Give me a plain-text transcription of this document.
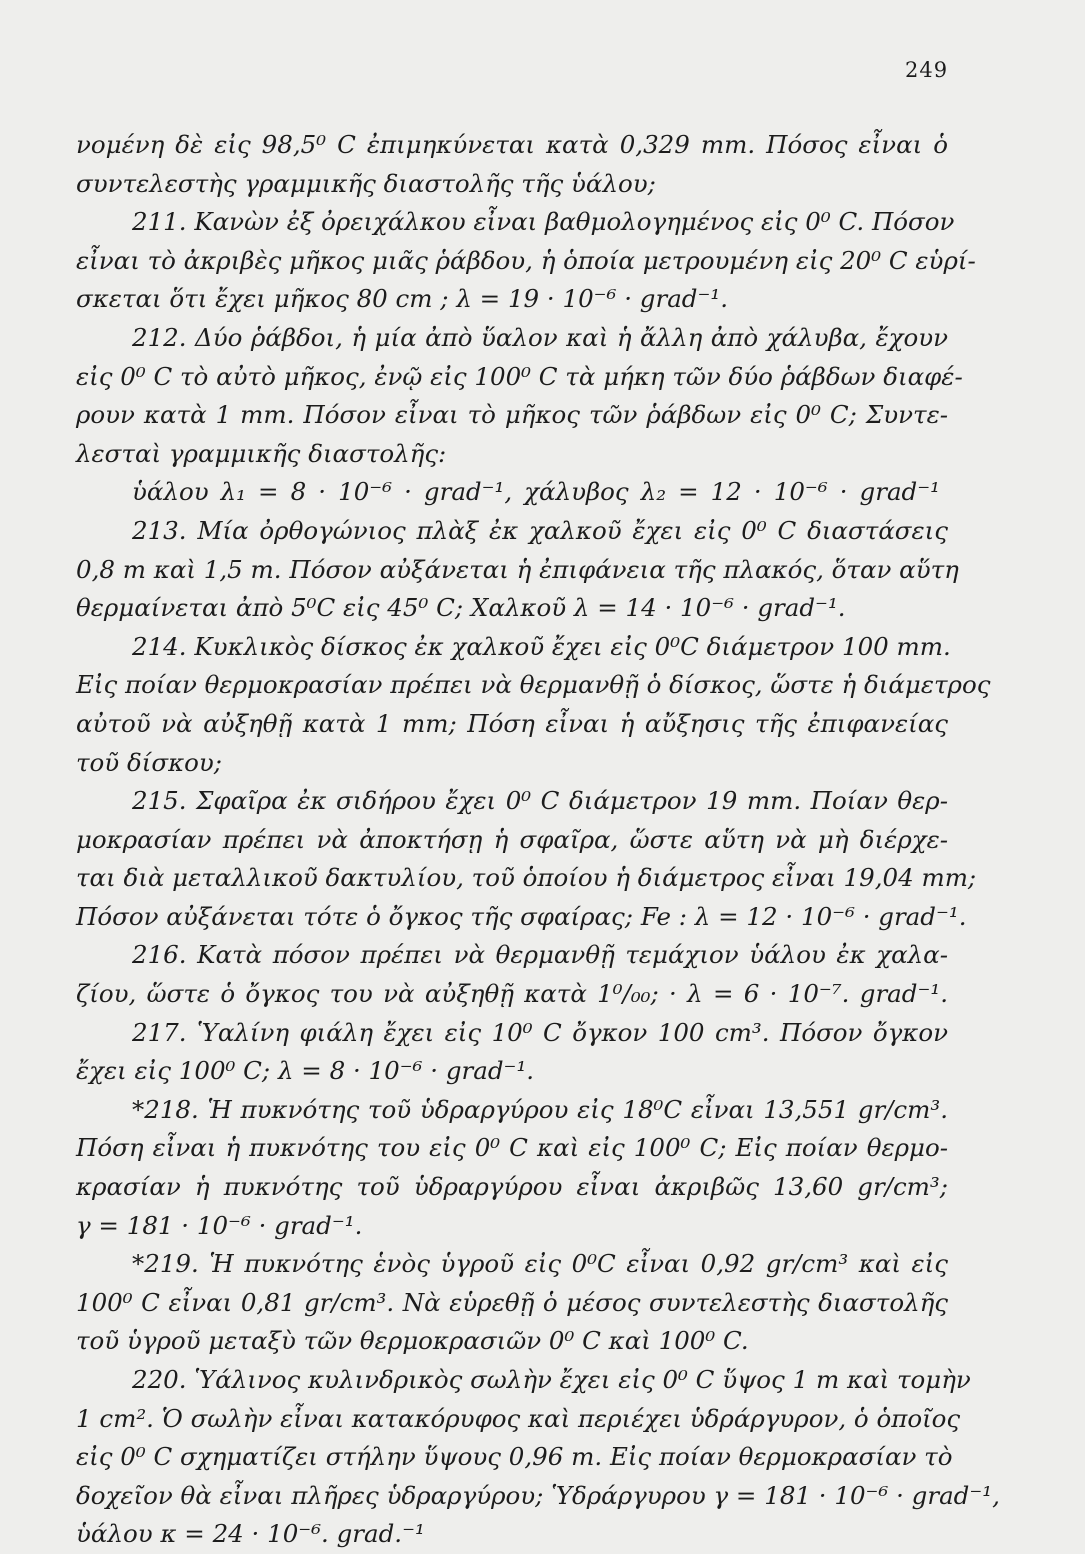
249
νομένη δὲ εἰς 98,5⁰ C ἐπιμηκύνεται κατὰ 0,329 mm. Πόσος εἶναι ὁ
συντελεστὴς γραμμικῆς διαστολῆς τῆς ὑάλου;
211. Κανὼν ἐξ ὀρειχάλκου εἶναι βαθμολογημένος εἰς 0⁰ C. Πόσον
εἶναι τὸ ἀκριβὲς μῆκος μιᾶς ῥάβδου, ἡ ὁποία μετρουμένη εἰς 20⁰ C εὑρί-
σκεται ὅτι ἔχει μῆκος 80 cm ; λ = 19 · 10⁻⁶ · grad⁻¹.
212. Δύο ῥάβδοι, ἡ μία ἀπὸ ὕαλον καὶ ἡ ἄλλη ἀπὸ χάλυβα, ἔχουν
εἰς 0⁰ C τὸ αὐτὸ μῆκος, ἐνῷ εἰς 100⁰ C τὰ μήκη τῶν δύο ῥάβδων διαφέ-
ρουν κατὰ 1 mm. Πόσον εἶναι τὸ μῆκος τῶν ῥάβδων εἰς 0⁰ C; Συντε-
λεσταὶ γραμμικῆς διαστολῆς:
ὑάλου λ₁ = 8 · 10⁻⁶ · grad⁻¹, χάλυβος λ₂ = 12 · 10⁻⁶ · grad⁻¹
213. Μία ὀρθογώνιος πλὰξ ἐκ χαλκοῦ ἔχει εἰς 0⁰ C διαστάσεις
0,8 m καὶ 1,5 m. Πόσον αὐξάνεται ἡ ἐπιφάνεια τῆς πλακός, ὅταν αὕτη
θερμαίνεται ἀπὸ 5⁰C εἰς 45⁰ C; Χαλκοῦ λ = 14 · 10⁻⁶ · grad⁻¹.
214. Κυκλικὸς δίσκος ἐκ χαλκοῦ ἔχει εἰς 0⁰C διάμετρον 100 mm.
Εἰς ποίαν θερμοκρασίαν πρέπει νὰ θερμανθῇ ὁ δίσκος, ὥστε ἡ διάμετρος
αὐτοῦ νὰ αὐξηθῇ κατὰ 1 mm; Πόση εἶναι ἡ αὔξησις τῆς ἐπιφανείας
τοῦ δίσκου;
215. Σφαῖρα ἐκ σιδήρου ἔχει 0⁰ C διάμετρον 19 mm. Ποίαν θερ-
μοκρασίαν πρέπει νὰ ἀποκτήσῃ ἡ σφαῖρα, ὥστε αὕτη νὰ μὴ διέρχε-
ται διὰ μεταλλικοῦ δακτυλίου, τοῦ ὁποίου ἡ διάμετρος εἶναι 19,04 mm;
Πόσον αὐξάνεται τότε ὁ ὄγκος τῆς σφαίρας; Fe : λ = 12 · 10⁻⁶ · grad⁻¹.
216. Κατὰ πόσον πρέπει νὰ θερμανθῇ τεμάχιον ὑάλου ἐκ χαλα-
ζίου, ὥστε ὁ ὄγκος του νὰ αὐξηθῇ κατὰ 1⁰/₀₀; · λ = 6 · 10⁻⁷. grad⁻¹.
217. Ὑαλίνη φιάλη ἔχει εἰς 10⁰ C ὄγκον 100 cm³. Πόσον ὄγκον
ἔχει εἰς 100⁰ C; λ = 8 · 10⁻⁶ · grad⁻¹.
*218. Ἡ πυκνότης τοῦ ὑδραργύρου εἰς 18⁰C εἶναι 13,551 gr/cm³.
Πόση εἶναι ἡ πυκνότης του εἰς 0⁰ C καὶ εἰς 100⁰ C; Εἰς ποίαν θερμο-
κρασίαν ἡ πυκνότης τοῦ ὑδραργύρου εἶναι ἀκριβῶς 13,60 gr/cm³;
γ = 181 · 10⁻⁶ · grad⁻¹.
*219. Ἡ πυκνότης ἑνὸς ὑγροῦ εἰς 0⁰C εἶναι 0,92 gr/cm³ καὶ εἰς
100⁰ C εἶναι 0,81 gr/cm³. Νὰ εὑρεθῇ ὁ μέσος συντελεστὴς διαστολῆς
τοῦ ὑγροῦ μεταξὺ τῶν θερμοκρασιῶν 0⁰ C καὶ 100⁰ C.
220. Ὑάλινος κυλινδρικὸς σωλὴν ἔχει εἰς 0⁰ C ὕψος 1 m καὶ τομὴν
1 cm². Ὁ σωλὴν εἶναι κατακόρυφος καὶ περιέχει ὑδράργυρον, ὁ ὁποῖος
εἰς 0⁰ C σχηματίζει στήλην ὕψους 0,96 m. Εἰς ποίαν θερμοκρασίαν τὸ
δοχεῖον θὰ εἶναι πλῆρες ὑδραργύρου; Ὑδράργυρου γ = 181 · 10⁻⁶ · grad⁻¹,
ὑάλου κ = 24 · 10⁻⁶. grad.⁻¹
